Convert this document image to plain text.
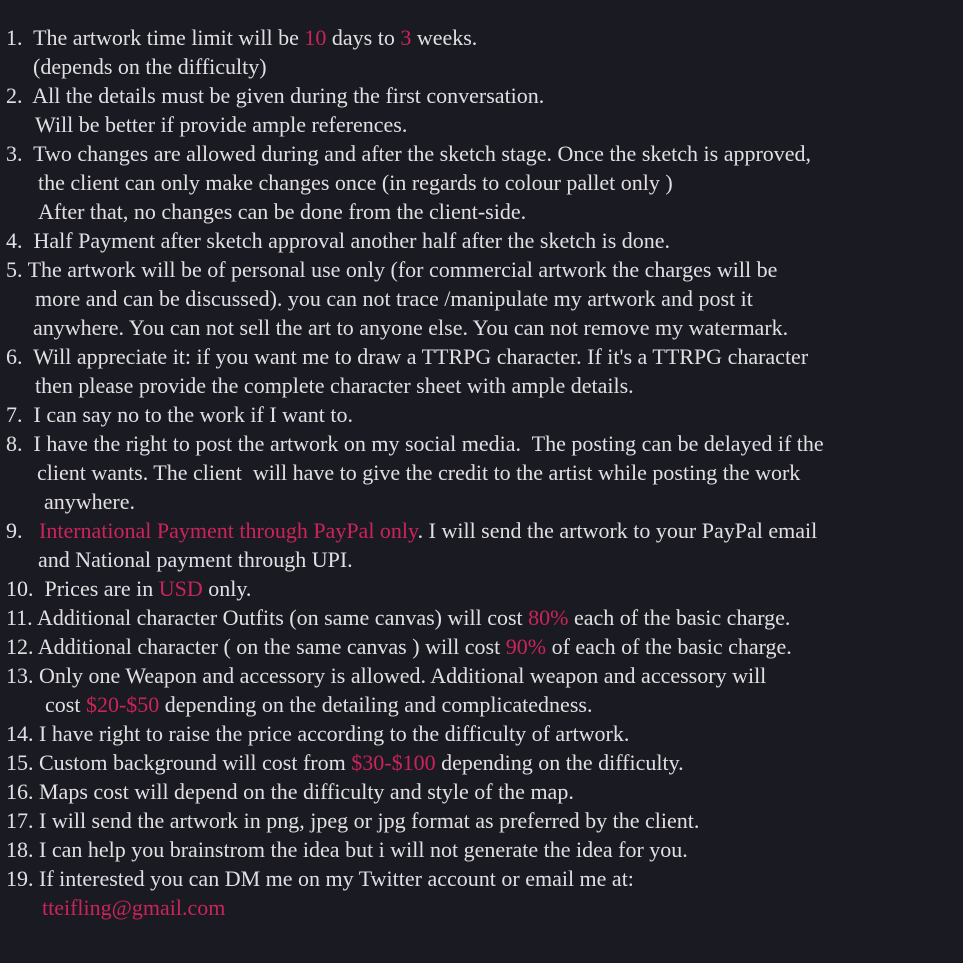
1.  The artwork time limit will be 10 days to 3 weeks.
(depends on the difficulty)
2.  All the details must be given during the first conversation.
Will be better if provide ample references.
3.  Two changes are allowed during and after the sketch stage. Once the sketch is approved,
the client can only make changes once (in regards to colour pallet only )
After that, no changes can be done from the client-side.
4.  Half Payment after sketch approval another half after the sketch is done.
5. The artwork will be of personal use only (for commercial artwork the charges will be
more and can be discussed). you can not trace /manipulate my artwork and post it
anywhere. You can not sell the art to anyone else. You can not remove my watermark.
6.  Will appreciate it: if you want me to draw a TTRPG character. If it's a TTRPG character
then please provide the complete character sheet with ample details.
7.  I can say no to the work if I want to.
8.  I have the right to post the artwork on my social media.  The posting can be delayed if the
client wants. The client  will have to give the credit to the artist while posting the work
anywhere.
9.   International Payment through PayPal only. I will send the artwork to your PayPal email
and National payment through UPI.
10.  Prices are in USD only.
11. Additional character Outfits (on same canvas) will cost 80% each of the basic charge.
12. Additional character ( on the same canvas ) will cost 90% of each of the basic charge.
13. Only one Weapon and accessory is allowed. Additional weapon and accessory will
cost $20-$50 depending on the detailing and complicatedness.
14. I have right to raise the price according to the difficulty of artwork.
15. Custom background will cost from $30-$100 depending on the difficulty.
16. Maps cost will depend on the difficulty and style of the map.
17. I will send the artwork in png, jpeg or jpg format as preferred by the client.
18. I can help you brainstrom the idea but i will not generate the idea for you.
19. If interested you can DM me on my Twitter account or email me at:
tteifling@gmail.com
